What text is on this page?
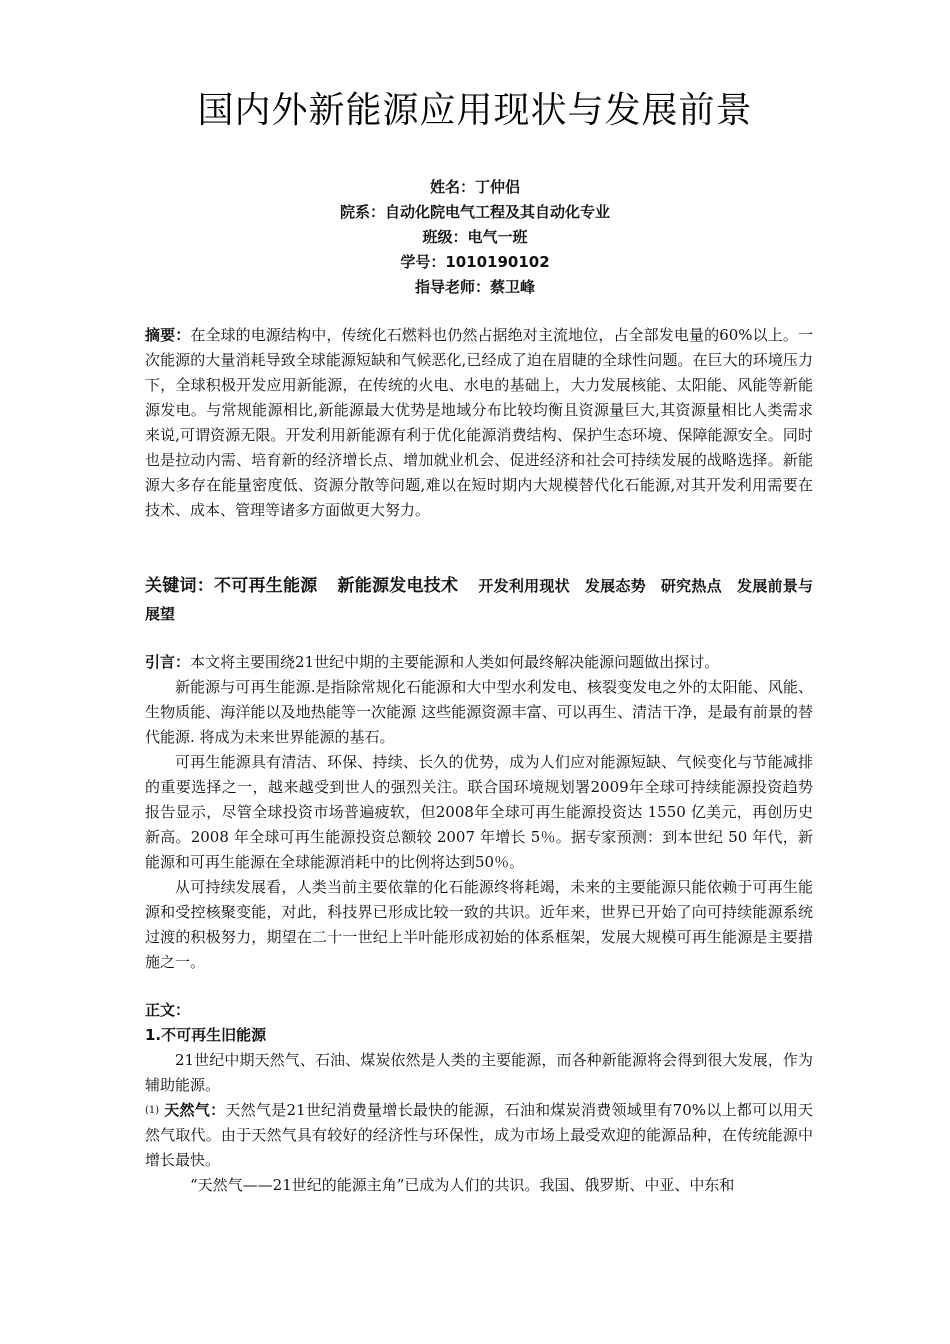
国内外新能源应用现状与发展前景
姓名：丁仲侣
院系：自动化院电气工程及其自动化专业
班级：电气一班
学号：1010190102
指导老师：蔡卫峰
摘要：在全球的电源结构中，传统化石燃料也仍然占据绝对主流地位，占全部发电量的60%以上。一次能源的大量消耗导致全球能源短缺和气候恶化,已经成了迫在眉睫的全球性问题。在巨大的环境压力下，全球积极开发应用新能源，在传统的火电、水电的基础上，大力发展核能、太阳能、风能等新能源发电。与常规能源相比,新能源最大优势是地域分布比较均衡且资源量巨大,其资源量相比人类需求来说,可谓资源无限。开发利用新能源有利于优化能源消费结构、保护生态环境、保障能源安全。同时也是拉动内需、培育新的经济增长点、增加就业机会、促进经济和社会可持续发展的战略选择。新能源大多存在能量密度低、资源分散等问题,难以在短时期内大规模替代化石能源,对其开发利用需要在技术、成本、管理等诸多方面做更大努力。
关键词：不可再生能源 新能源发电技术 开发利用现状 发展态势 研究热点 发展前景与展望
引言：本文将主要围绕21世纪中期的主要能源和人类如何最终解决能源问题做出探讨。
新能源与可再生能源.是指除常规化石能源和大中型水利发电、核裂变发电之外的太阳能、风能、生物质能、海洋能以及地热能等一次能源 这些能源资源丰富、可以再生、清洁干净，是最有前景的替代能源. 将成为未来世界能源的基石。
可再生能源具有清洁、环保、持续、长久的优势，成为人们应对能源短缺、气候变化与节能减排的重要选择之一，越来越受到世人的强烈关注。联合国环境规划署2009年全球可持续能源投资趋势报告显示，尽管全球投资市场普遍疲软，但2008年全球可再生能源投资达 1550 亿美元，再创历史新高。2008 年全球可再生能源投资总额较 2007 年增长 5％。据专家预测：到本世纪 50 年代，新能源和可再生能源在全球能源消耗中的比例将达到50％。
从可持续发展看，人类当前主要依靠的化石能源终将耗竭，未来的主要能源只能依赖于可再生能源和受控核聚变能，对此，科技界已形成比较一致的共识。近年来，世界已开始了向可持续能源系统过渡的积极努力，期望在二十一世纪上半叶能形成初始的体系框架，发展大规模可再生能源是主要措施之一。
正文：
1.不可再生旧能源
21世纪中期天然气、石油、煤炭依然是人类的主要能源，而各种新能源将会得到很大发展，作为辅助能源。
(1) 天然气：天然气是21世纪消费量增长最快的能源，石油和煤炭消费领域里有70%以上都可以用天然气取代。由于天然气具有较好的经济性与环保性，成为市场上最受欢迎的能源品种，在传统能源中增长最快。
“天然气——21世纪的能源主角”已成为人们的共识。我国、俄罗斯、中亚、中东和
